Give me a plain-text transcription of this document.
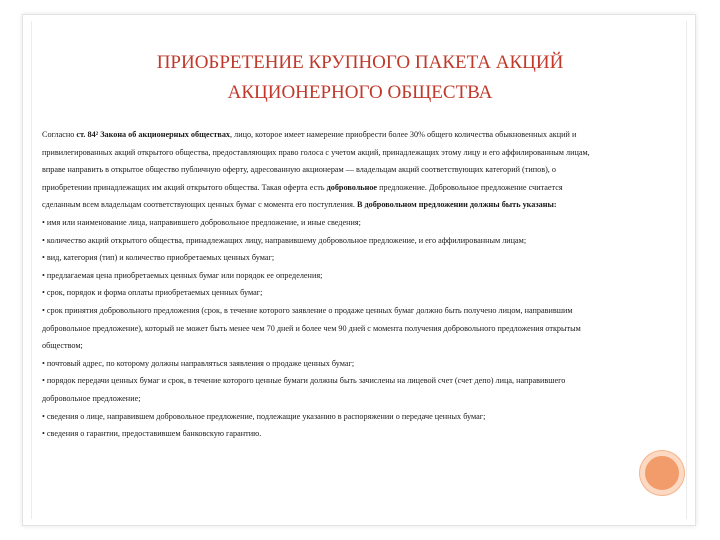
ПРИОБРЕТЕНИЕ КРУПНОГО ПАКЕТА АКЦИЙ
АКЦИОНЕРНОГО ОБЩЕСТВА

Согласно ст. 84² Закона об акционерных обществах, лицо, которое имеет намерение приобрести более 30% общего количества обыкновенных акций и привилегированных акций открытого общества, предоставляющих право голоса с учетом акций, принадлежащих этому лицу и его аффилированным лицам, вправе направить в открытое общество публичную оферту, адресованную акционерам — владельцам акций соответствующих категорий (типов), о приобретении принадлежащих им акций открытого общества. Такая оферта есть добровольное предложение. Добровольное предложение считается сделанным всем владельцам соответствующих ценных бумаг с момента его поступления. В добровольном предложении должны быть указаны:

• имя или наименование лица, направившего добровольное предложение, и иные сведения;

• количество акций открытого общества, принадлежащих лицу, направившему добровольное предложение, и его аффилированным лицам;

• вид, категория (тип) и количество приобретаемых ценных бумаг;

• предлагаемая цена приобретаемых ценных бумаг или порядок ее определения;

• срок, порядок и форма оплаты приобретаемых ценных бумаг;

• срок принятия добровольного предложения (срок, в течение которого заявление о продаже ценных бумаг должно быть получено лицом, направившим добровольное предложение), который не может быть менее чем 70 дней и более чем 90 дней с момента получения добровольного предложения открытым обществом;

• почтовый адрес, по которому должны направляться заявления о продаже ценных бумаг;

• порядок передачи ценных бумаг и срок, в течение которого ценные бумаги должны быть зачислены на лицевой счет (счет депо) лица, направившего добровольное предложение;

• сведения о лице, направившем добровольное предложение, подлежащие указанию в распоряжении о передаче ценных бумаг;

• сведения о гарантии, предоставившем банковскую гарантию.
